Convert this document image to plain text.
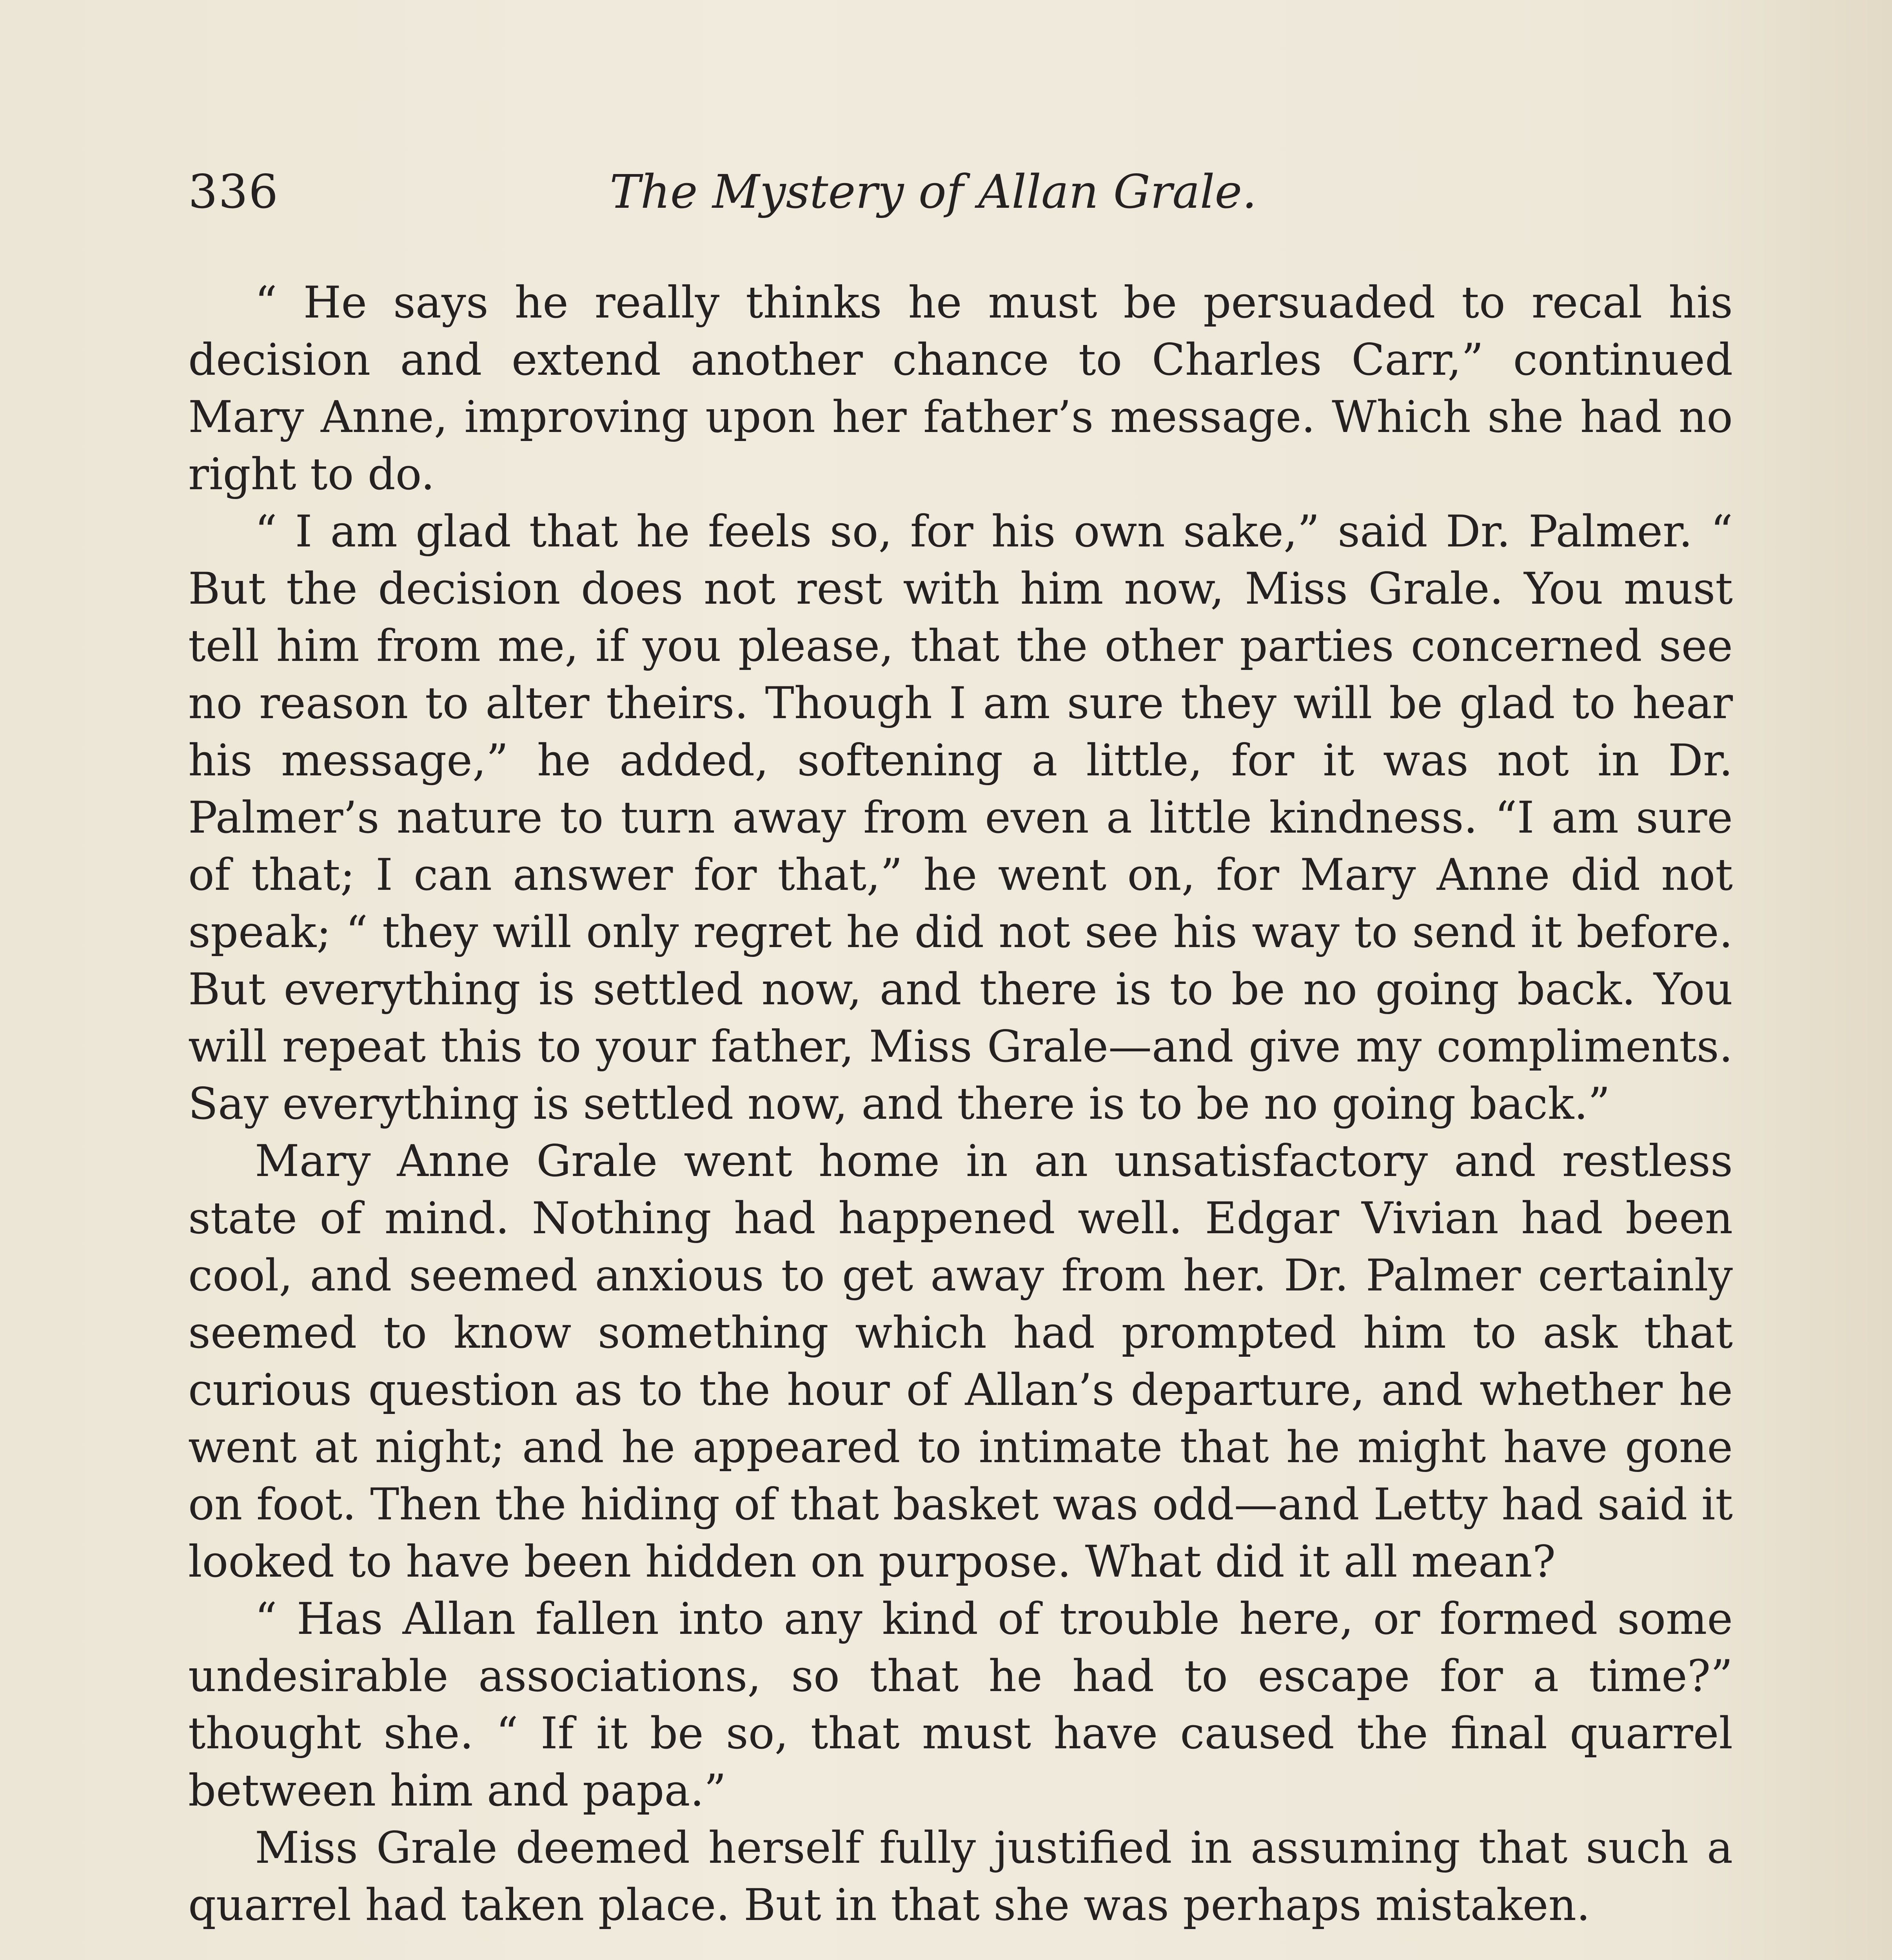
336	The Mystery of Allan Grale.

“ He says he really thinks he must be persuaded to recal his decision and extend another chance to Charles Carr,” continued Mary Anne, improving upon her father’s message. Which she had no right to do.

“ I am glad that he feels so, for his own sake,” said Dr. Palmer. “ But the decision does not rest with him now, Miss Grale. You must tell him from me, if you please, that the other parties concerned see no reason to alter theirs. Though I am sure they will be glad to hear his message,” he added, softening a little, for it was not in Dr. Palmer’s nature to turn away from even a little kindness. “I am sure of that; I can answer for that,” he went on, for Mary Anne did not speak; “ they will only regret he did not see his way to send it before. But everything is settled now, and there is to be no going back. You will repeat this to your father, Miss Grale—and give my compliments. Say everything is settled now, and there is to be no going back.”

Mary Anne Grale went home in an unsatisfactory and restless state of mind. Nothing had happened well. Edgar Vivian had been cool, and seemed anxious to get away from her. Dr. Palmer certainly seemed to know something which had prompted him to ask that curious question as to the hour of Allan’s departure, and whether he went at night; and he appeared to intimate that he might have gone on foot. Then the hiding of that basket was odd—and Letty had said it looked to have been hidden on purpose. What did it all mean?

“ Has Allan fallen into any kind of trouble here, or formed some undesirable associations, so that he had to escape for a time?” thought she. “ If it be so, that must have caused the final quarrel between him and papa.”

Miss Grale deemed herself fully justified in assuming that such a quarrel had taken place. But in that she was perhaps mistaken.
